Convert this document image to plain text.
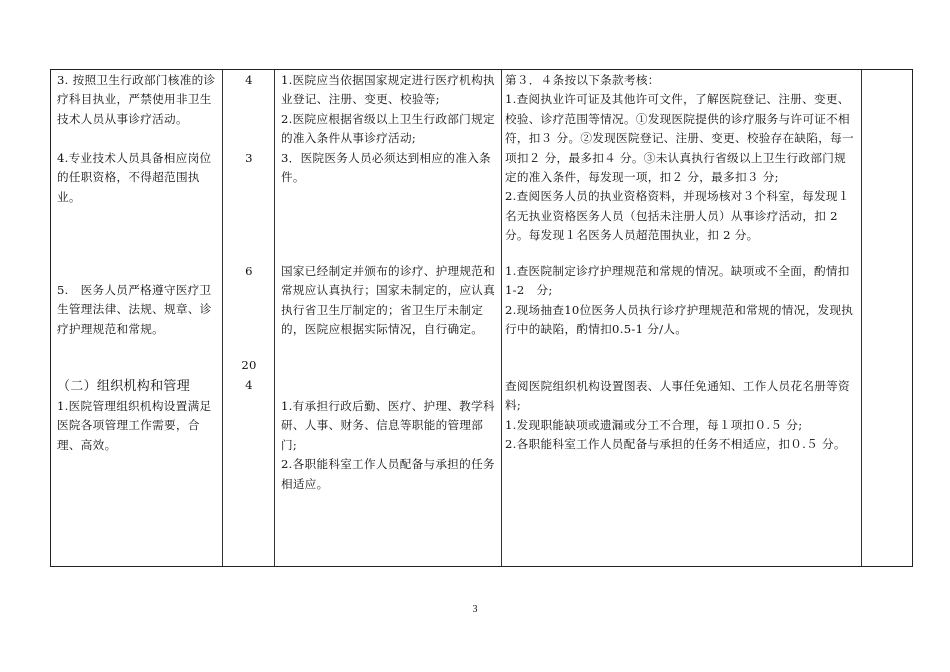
3. 按照卫生行政部门核准的诊疗科目执业，严禁使用非卫生技术人员从事诊疗活动。

4.专业技术人员具备相应岗位的任职资格，不得超范围执业。

5.   医务人员严格遵守医疗卫生管理法律、法规、规章、诊疗护理规范和常规。

（二）组织机构和管理

1.医院管理组织机构设置满足医院各项管理工作需要，合理、高效。

4
3
6
20
4

1.医院应当依据国家规定进行医疗机构执业登记、注册、变更、校验等;

2.医院应根据省级以上卫生行政部门规定的准入条件从事诊疗活动;

3．医院医务人员必须达到相应的准入条件。

国家已经制定并颁布的诊疗、护理规范和常规应认真执行；国家未制定的，应认真执行省卫生厅制定的；省卫生厅未制定的，医院应根据实际情况，自行确定。

1.有承担行政后勤、医疗、护理、教学科研、人事、财务、信息等职能的管理部门;

2.各职能科室工作人员配备与承担的任务相适应。

第３．４条按以下条款考核：

1.查阅执业许可证及其他许可文件，了解医院登记、注册、变更、校验、诊疗范围等情况。①发现医院提供的诊疗服务与许可证不相符，扣３ 分。②发现医院登记、注册、变更、校验存在缺陷，每一项扣２ 分，最多扣４ 分。③未认真执行省级以上卫生行政部门规定的准入条件，每发现一项，扣２ 分，最多扣３ 分;

2.查阅医务人员的执业资格资料，并现场核对３个科室，每发现１名无执业资格医务人员（包括未注册人员）从事诊疗活动，扣 2 分。每发现１名医务人员超范围执业，扣 2 分。

1.查医院制定诊疗护理规范和常规的情况。缺项或不全面，酌情扣1-2   分;

2.现场抽查10位医务人员执行诊疗护理规范和常规的情况，发现执行中的缺陷，酌情扣0.5-1 分/人。

查阅医院组织机构设置图表、人事任免通知、工作人员花名册等资料;

1.发现职能缺项或遗漏或分工不合理，每１项扣０.５ 分;

2.各职能科室工作人员配备与承担的任务不相适应，扣０.５ 分。

3
